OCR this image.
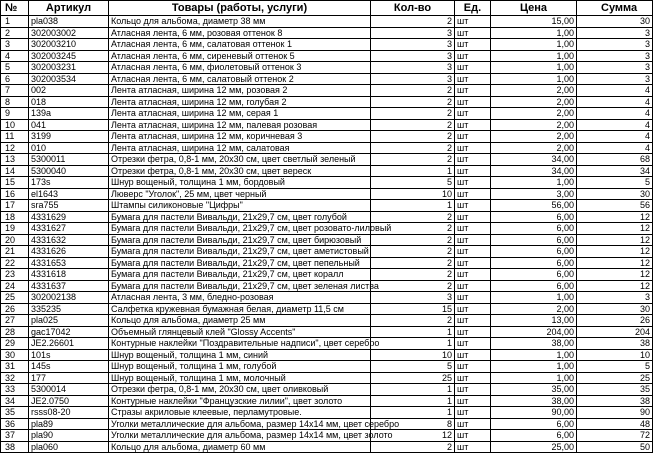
№	Артикул	Товары (работы, услуги)	Кол-во	Ед.	Цена	Сумма
1	pla038	Кольцо для альбома, диаметр 38 мм	2	шт	15,00	30
2	302003002	Атласная лента, 6 мм, розовая оттенок 8	3	шт	1,00	3
3	302003210	Атласная лента, 6 мм, салатовая оттенок 1	3	шт	1,00	3
4	302003245	Атласная лента, 6 мм, сиреневый оттенок 5	3	шт	1,00	3
5	302003231	Атласная лента, 6 мм, фиолетовый оттенок 3	3	шт	1,00	3
6	302003534	Атласная лента, 6 мм, салатовый оттенок 2	3	шт	1,00	3
7	002	Лента атласная, ширина 12 мм, розовая 2	2	шт	2,00	4
8	018	Лента атласная, ширина 12 мм, голубая 2	2	шт	2,00	4
9	139a	Лента атласная, ширина 12 мм, серая 1	2	шт	2,00	4
10	041	Лента атласная, ширина 12 мм, палевая розовая	2	шт	2,00	4
11	3199	Лента атласная, ширина 12 мм, коричневая 3	2	шт	2,00	4
12	010	Лента атласная, ширина 12 мм, салатовая	2	шт	2,00	4
13	5300011	Отрезки фетра, 0,8-1 мм, 20х30 см, цвет светлый зеленый	2	шт	34,00	68
14	5300040	Отрезки фетра, 0,8-1 мм, 20х30 см, цвет вереск	1	шт	34,00	34
15	173s	Шнур вощеный, толщина 1 мм, бордовый	5	шт	1,00	5
16	el1643	Люверс "Уголок", 25 мм, цвет черный	10	шт	3,00	30
17	sra755	Штампы силиконовые "Цифры"	1	шт	56,00	56
18	4331629	Бумага для пастели Вивальди, 21х29,7 см, цвет голубой	2	шт	6,00	12
19	4331627	Бумага для пастели Вивальди, 21х29,7 см, цвет розовато-лиловый	2	шт	6,00	12
20	4331632	Бумага для пастели Вивальди, 21х29,7 см, цвет бирюзовый	2	шт	6,00	12
21	4331626	Бумага для пастели Вивальди, 21х29,7 см, цвет аметистовый	2	шт	6,00	12
22	4331653	Бумага для пастели Вивальди, 21х29,7 см, цвет пепельный	2	шт	6,00	12
23	4331618	Бумага для пастели Вивальди, 21х29,7 см, цвет коралл	2	шт	6,00	12
24	4331637	Бумага для пастели Вивальди, 21х29,7 см, цвет зеленая листва	2	шт	6,00	12
25	302002138	Атласная лента, 3 мм, бледно-розовая	3	шт	1,00	3
26	335235	Салфетка кружевная бумажная белая, диаметр 11,5 см	15	шт	2,00	30
27	pla025	Кольцо для альбома, диаметр 25 мм	2	шт	13,00	26
28	gac17042	Объемный глянцевый клей "Glossy Accents"	1	шт	204,00	204
29	JE2.26601	Контурные наклейки "Поздравительные надписи", цвет серебро	1	шт	38,00	38
30	101s	Шнур вощеный, толщина 1 мм, синий	10	шт	1,00	10
31	145s	Шнур вощеный, толщина 1 мм, голубой	5	шт	1,00	5
32	177	Шнур вощеный, толщина 1 мм, молочный	25	шт	1,00	25
33	5300014	Отрезки фетра, 0,8-1 мм, 20х30 см, цвет оливковый	1	шт	35,00	35
34	JE2.0750	Контурные наклейки "Французские лилии", цвет золото	1	шт	38,00	38
35	rsss08-20	Стразы акриловые клеевые, перламутровые.	1	шт	90,00	90
36	pla89	Уголки металлические для альбома, размер 14х14 мм, цвет серебро	8	шт	6,00	48
37	pla90	Уголки металлические для альбома, размер 14х14 мм, цвет золото	12	шт	6,00	72
38	pla060	Кольцо для альбома, диаметр 60 мм	2	шт	25,00	50
